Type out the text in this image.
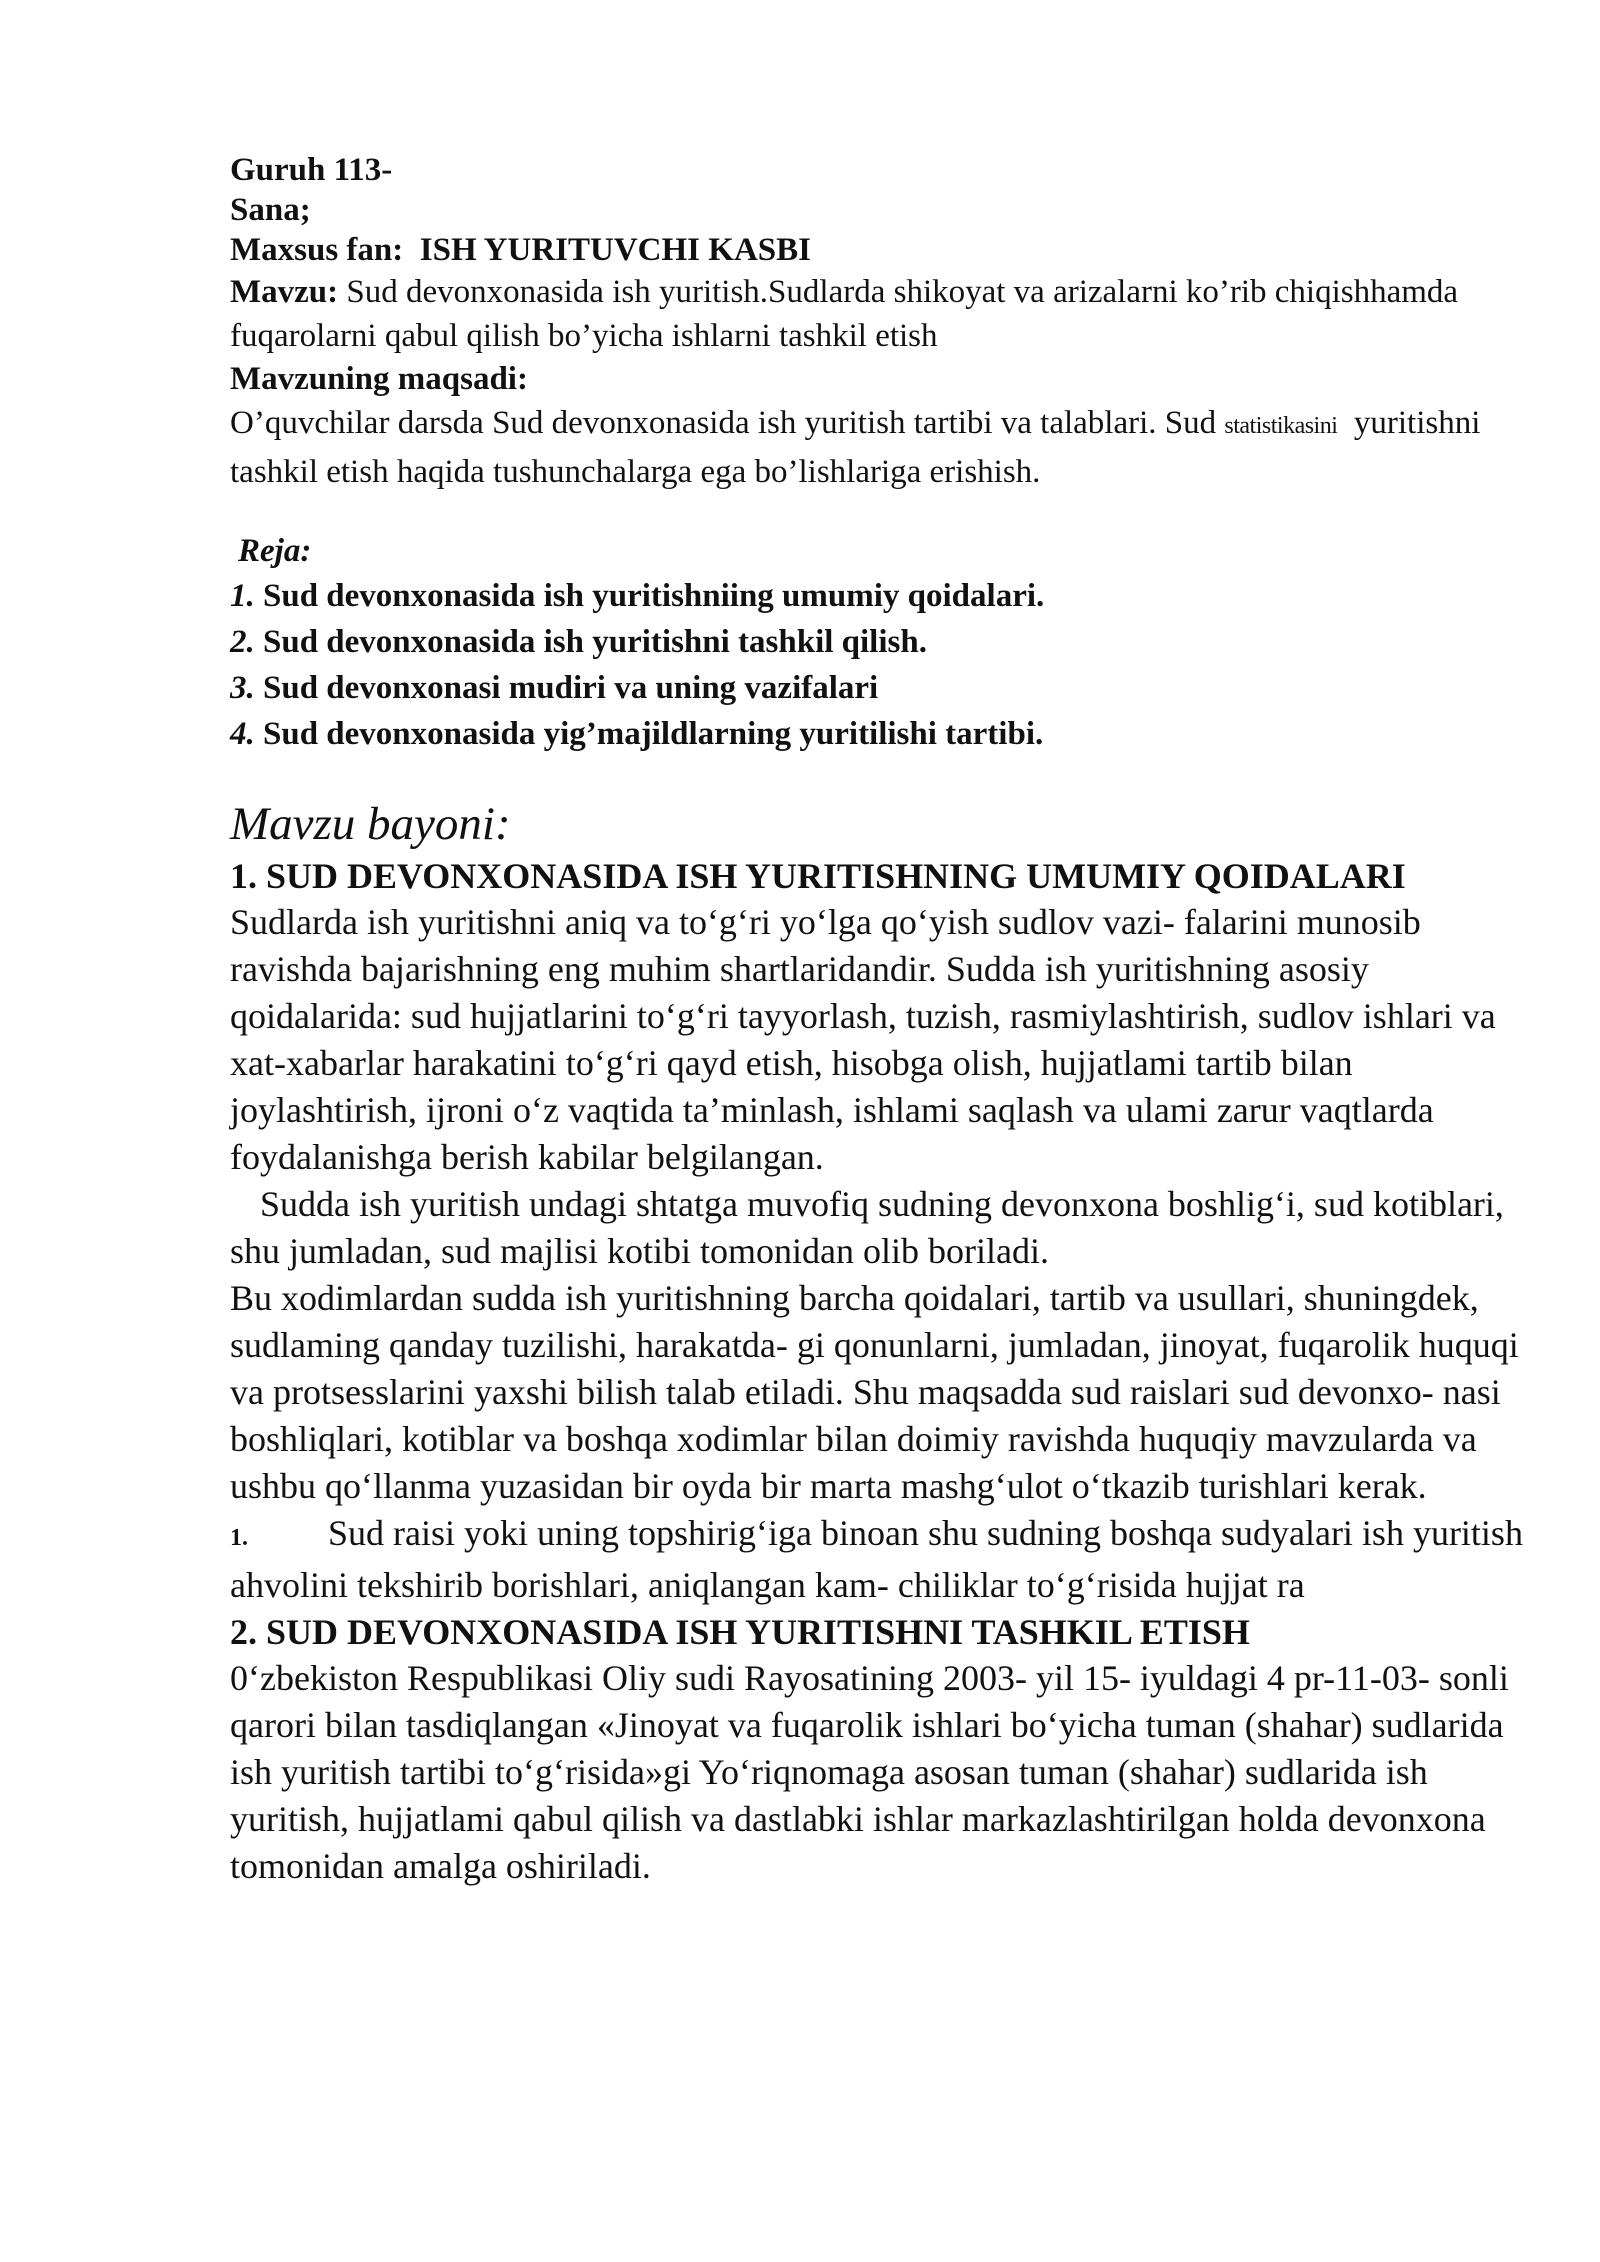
Guruh 113-

Sana;

Maxsus fan: ISH YURITUVCHI KASBI

Mavzu: Sud devonxonasida ish yuritish.Sudlarda shikoyat va arizalarni ko’rib chiqishhamda fuqarolarni qabul qilish bo’yicha ishlarni tashkil etish

Mavzuning maqsadi:

O’quvchilar darsda Sud devonxonasida ish yuritish tartibi va talablari. Sud statistikasini yuritishni tashkil etish haqida tushunchalarga ega bo’lishlariga erishish.

Reja:

1. Sud devonxonasida ish yuritishniing umumiy qoidalari.
2. Sud devonxonasida ish yuritishni tashkil qilish.
3. Sud devonxonasi mudiri va uning vazifalari
4. Sud devonxonasida yig’majildlarning yuritilishi tartibi.

Mavzu bayoni:

1. SUD DEVONXONASIDA ISH YURITISHNING UMUMIY QOIDALARI

Sudlarda ish yuritishni aniq va to‘g‘ri yo‘lga qo‘yish sudlov vazi- falarini munosib ravishda bajarishning eng muhim shartlaridandir. Sudda ish yuritishning asosiy qoidalarida: sud hujjatlarini to‘g‘ri tayyorlash, tuzish, rasmiylashtirish, sudlov ishlari va xat-xabarlar harakatini to‘g‘ri qayd etish, hisobga olish, hujjatlami tartib bilan joylashtirish, ijroni o‘z vaqtida ta’minlash, ishlami saqlash va ulami zarur vaqtlarda foydalanishga berish kabilar belgilangan.

Sudda ish yuritish undagi shtatga muvofiq sudning devonxona boshlig‘i, sud kotiblari, shu jumladan, sud majlisi kotibi tomonidan olib boriladi.

Bu xodimlardan sudda ish yuritishning barcha qoidalari, tartib va usullari, shuningdek, sudlaming qanday tuzilishi, harakatda- gi qonunlarni, jumladan, jinoyat, fuqarolik huquqi va protsesslarini yaxshi bilish talab etiladi. Shu maqsadda sud raislari sud devonxo- nasi boshliqlari, kotiblar va boshqa xodimlar bilan doimiy ravishda huquqiy mavzularda va ushbu qo‘llanma yuzasidan bir oyda bir marta mashg‘ulot o‘tkazib turishlari kerak.

1. Sud raisi yoki uning topshirig‘iga binoan shu sudning boshqa sudyalari ish yuritish ahvolini tekshirib borishlari, aniqlangan kam- chiliklar to‘g‘risida hujjat ra

2. SUD DEVONXONASIDA ISH YURITISHNI TASHKIL ETISH

0‘zbekiston Respublikasi Oliy sudi Rayosatining 2003- yil 15- iyuldagi 4 pr-11-03- sonli qarori bilan tasdiqlangan «Jinoyat va fuqarolik ishlari bo‘yicha tuman (shahar) sudlarida ish yuritish tartibi to‘g‘risida»gi Yo‘riqnomaga asosan tuman (shahar) sudlarida ish yuritish, hujjatlami qabul qilish va dastlabki ishlar markazlashtirilgan holda devonxona tomonidan amalga oshiriladi.
